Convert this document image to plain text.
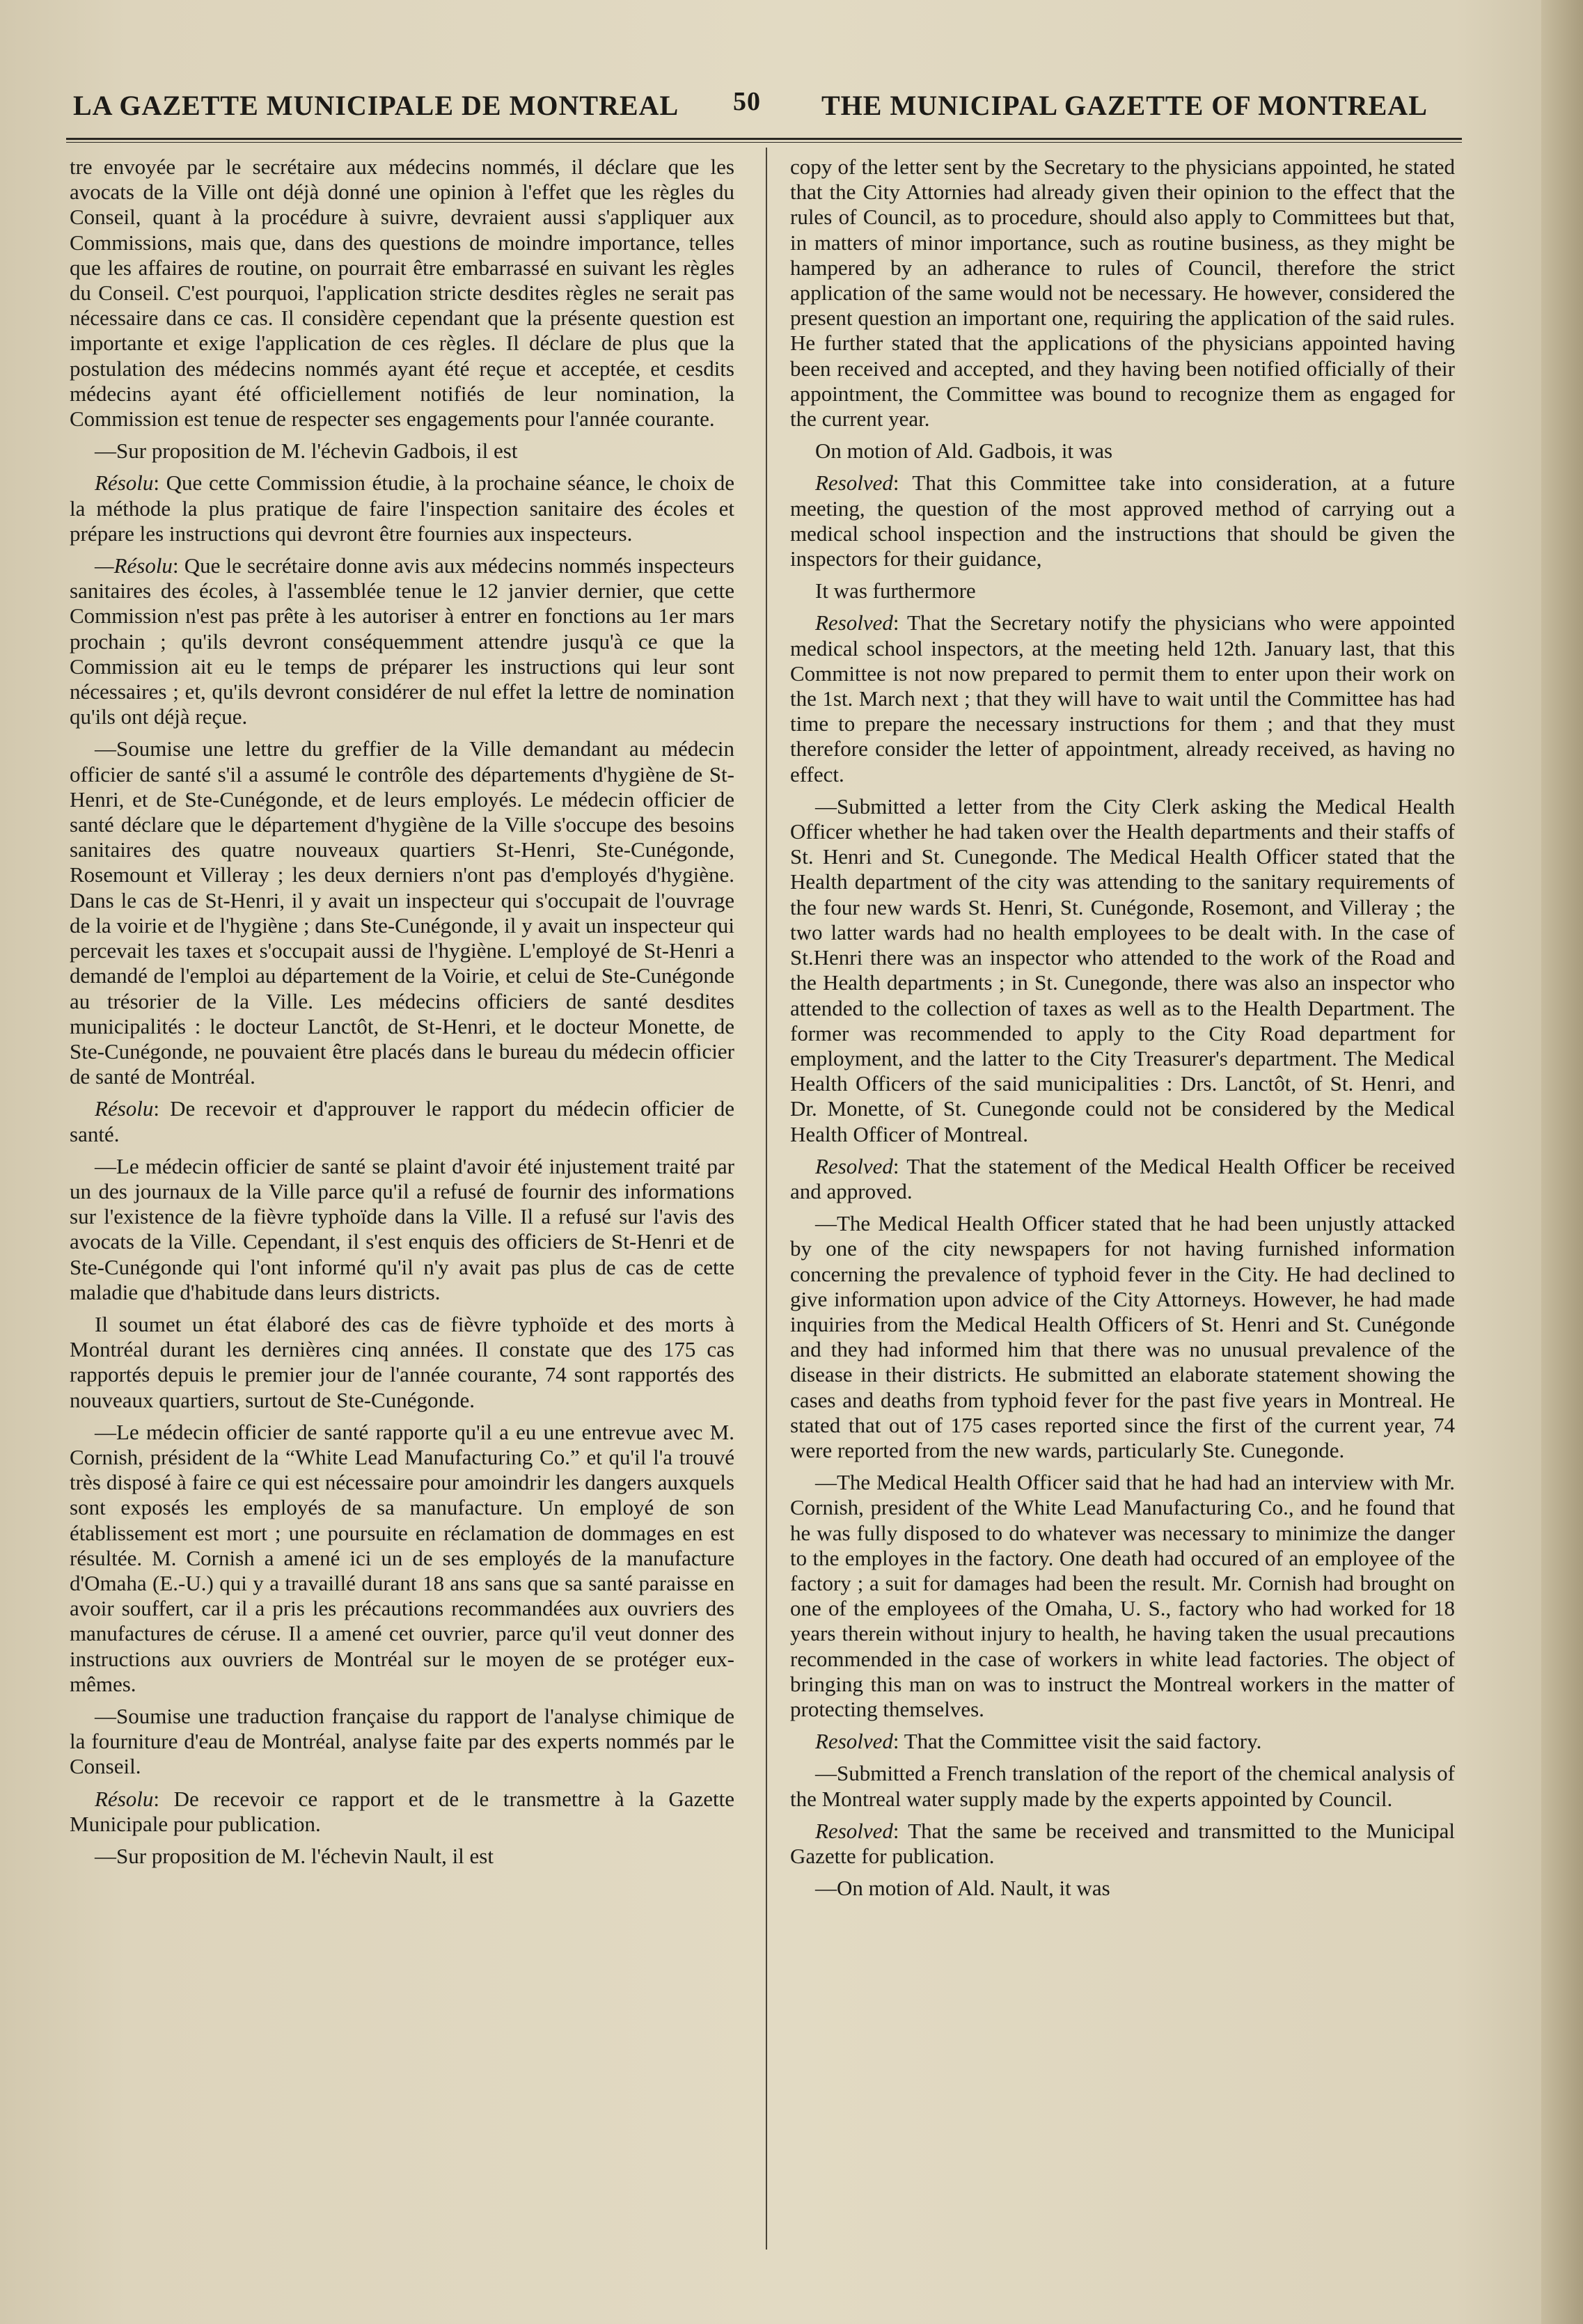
LA GAZETTE MUNICIPALE DE MONTREAL 50 THE MUNICIPAL GAZETTE OF MONTREAL

tre envoyée par le secrétaire aux médecins nommés, il déclare que les avocats de la Ville ont déjà donné une opinion à l'effet que les règles du Conseil, quant à la procédure à suivre, devraient aussi s'appliquer aux Commissions, mais que, dans des questions de moindre importance, telles que les affaires de routine, on pourrait être embarrassé en suivant les règles du Conseil. C'est pourquoi, l'application stricte desdites règles ne serait pas nécessaire dans ce cas. Il considère cependant que la présente question est importante et exige l'application de ces règles. Il déclare de plus que la postulation des médecins nommés ayant été reçue et acceptée, et cesdits médecins ayant été officiellement notifiés de leur nomination, la Commission est tenue de respecter ses engagements pour l'année courante.

—Sur proposition de M. l'échevin Gadbois, il est

Résolu: Que cette Commission étudie, à la prochaine séance, le choix de la méthode la plus pratique de faire l'inspection sanitaire des écoles et prépare les instructions qui devront être fournies aux inspecteurs.

—Résolu: Que le secrétaire donne avis aux médecins nommés inspecteurs sanitaires des écoles, à l'assemblée tenue le 12 janvier dernier, que cette Commission n'est pas prête à les autoriser à entrer en fonctions au 1er mars prochain ; qu'ils devront conséquemment attendre jusqu'à ce que la Commission ait eu le temps de préparer les instructions qui leur sont nécessaires ; et, qu'ils devront considérer de nul effet la lettre de nomination qu'ils ont déjà reçue.

—Soumise une lettre du greffier de la Ville demandant au médecin officier de santé s'il a assumé le contrôle des départements d'hygiène de St-Henri, et de Ste-Cunégonde, et de leurs employés. Le médecin officier de santé déclare que le département d'hygiène de la Ville s'occupe des besoins sanitaires des quatre nouveaux quartiers St-Henri, Ste-Cunégonde, Rosemount et Villeray ; les deux derniers n'ont pas d'employés d'hygiène. Dans le cas de St-Henri, il y avait un inspecteur qui s'occupait de l'ouvrage de la voirie et de l'hygiène ; dans Ste-Cunégonde, il y avait un inspecteur qui percevait les taxes et s'occupait aussi de l'hygiène. L'employé de St-Henri a demandé de l'emploi au département de la Voirie, et celui de Ste-Cunégonde au trésorier de la Ville. Les médecins officiers de santé desdites municipalités : le docteur Lanctôt, de St-Henri, et le docteur Monette, de Ste-Cunégonde, ne pouvaient être placés dans le bureau du médecin officier de santé de Montréal.

Résolu: De recevoir et d'approuver le rapport du médecin officier de santé.

—Le médecin officier de santé se plaint d'avoir été injustement traité par un des journaux de la Ville parce qu'il a refusé de fournir des informations sur l'existence de la fièvre typhoïde dans la Ville. Il a refusé sur l'avis des avocats de la Ville. Cependant, il s'est enquis des officiers de St-Henri et de Ste-Cunégonde qui l'ont informé qu'il n'y avait pas plus de cas de cette maladie que d'habitude dans leurs districts.

Il soumet un état élaboré des cas de fièvre typhoïde et des morts à Montréal durant les dernières cinq années. Il constate que des 175 cas rapportés depuis le premier jour de l'année courante, 74 sont rapportés des nouveaux quartiers, surtout de Ste-Cunégonde.

—Le médecin officier de santé rapporte qu'il a eu une entrevue avec M. Cornish, président de la “White Lead Manufacturing Co.” et qu'il l'a trouvé très disposé à faire ce qui est nécessaire pour amoindrir les dangers auxquels sont exposés les employés de sa manufacture. Un employé de son établissement est mort ; une poursuite en réclamation de dommages en est résultée. M. Cornish a amené ici un de ses employés de la manufacture d'Omaha (E.-U.) qui y a travaillé durant 18 ans sans que sa santé paraisse en avoir souffert, car il a pris les précautions recommandées aux ouvriers des manufactures de céruse. Il a amené cet ouvrier, parce qu'il veut donner des instructions aux ouvriers de Montréal sur le moyen de se protéger eux-mêmes.

—Soumise une traduction française du rapport de l'analyse chimique de la fourniture d'eau de Montréal, analyse faite par des experts nommés par le Conseil.

Résolu: De recevoir ce rapport et de le transmettre à la Gazette Municipale pour publication.

—Sur proposition de M. l'échevin Nault, il est

copy of the letter sent by the Secretary to the physicians appointed, he stated that the City Attornies had already given their opinion to the effect that the rules of Council, as to procedure, should also apply to Committees but that, in matters of minor importance, such as routine business, as they might be hampered by an adherance to rules of Council, therefore the strict application of the same would not be necessary. He however, considered the present question an important one, requiring the application of the said rules. He further stated that the applications of the physicians appointed having been received and accepted, and they having been notified officially of their appointment, the Committee was bound to recognize them as engaged for the current year.

On motion of Ald. Gadbois, it was

Resolved: That this Committee take into consideration, at a future meeting, the question of the most approved method of carrying out a medical school inspection and the instructions that should be given the inspectors for their guidance,

It was furthermore

Resolved: That the Secretary notify the physicians who were appointed medical school inspectors, at the meeting held 12th. January last, that this Committee is not now prepared to permit them to enter upon their work on the 1st. March next ; that they will have to wait until the Committee has had time to prepare the necessary instructions for them ; and that they must therefore consider the letter of appointment, already received, as having no effect.

—Submitted a letter from the City Clerk asking the Medical Health Officer whether he had taken over the Health departments and their staffs of St. Henri and St. Cunegonde. The Medical Health Officer stated that the Health department of the city was attending to the sanitary requirements of the four new wards St. Henri, St. Cunégonde, Rosemont, and Villeray ; the two latter wards had no health employees to be dealt with. In the case of St.Henri there was an inspector who attended to the work of the Road and the Health departments ; in St. Cunegonde, there was also an inspector who attended to the collection of taxes as well as to the Health Department. The former was recommended to apply to the City Road department for employment, and the latter to the City Treasurer's department. The Medical Health Officers of the said municipalities : Drs. Lanctôt, of St. Henri, and Dr. Monette, of St. Cunegonde could not be considered by the Medical Health Officer of Montreal.

Resolved: That the statement of the Medical Health Officer be received and approved.

—The Medical Health Officer stated that he had been unjustly attacked by one of the city newspapers for not having furnished information concerning the prevalence of typhoid fever in the City. He had declined to give information upon advice of the City Attorneys. However, he had made inquiries from the Medical Health Officers of St. Henri and St. Cunégonde and they had informed him that there was no unusual prevalence of the disease in their districts. He submitted an elaborate statement showing the cases and deaths from typhoid fever for the past five years in Montreal. He stated that out of 175 cases reported since the first of the current year, 74 were reported from the new wards, particularly Ste. Cunegonde.

—The Medical Health Officer said that he had had an interview with Mr. Cornish, president of the White Lead Manufacturing Co., and he found that he was fully disposed to do whatever was necessary to minimize the danger to the employes in the factory. One death had occured of an employee of the factory ; a suit for damages had been the result. Mr. Cornish had brought on one of the employees of the Omaha, U. S., factory who had worked for 18 years therein without injury to health, he having taken the usual precautions recommended in the case of workers in white lead factories. The object of bringing this man on was to instruct the Montreal workers in the matter of protecting themselves.

Resolved: That the Committee visit the said factory.

—Submitted a French translation of the report of the chemical analysis of the Montreal water supply made by the experts appointed by Council.

Resolved: That the same be received and transmitted to the Municipal Gazette for publication.

—On motion of Ald. Nault, it was
